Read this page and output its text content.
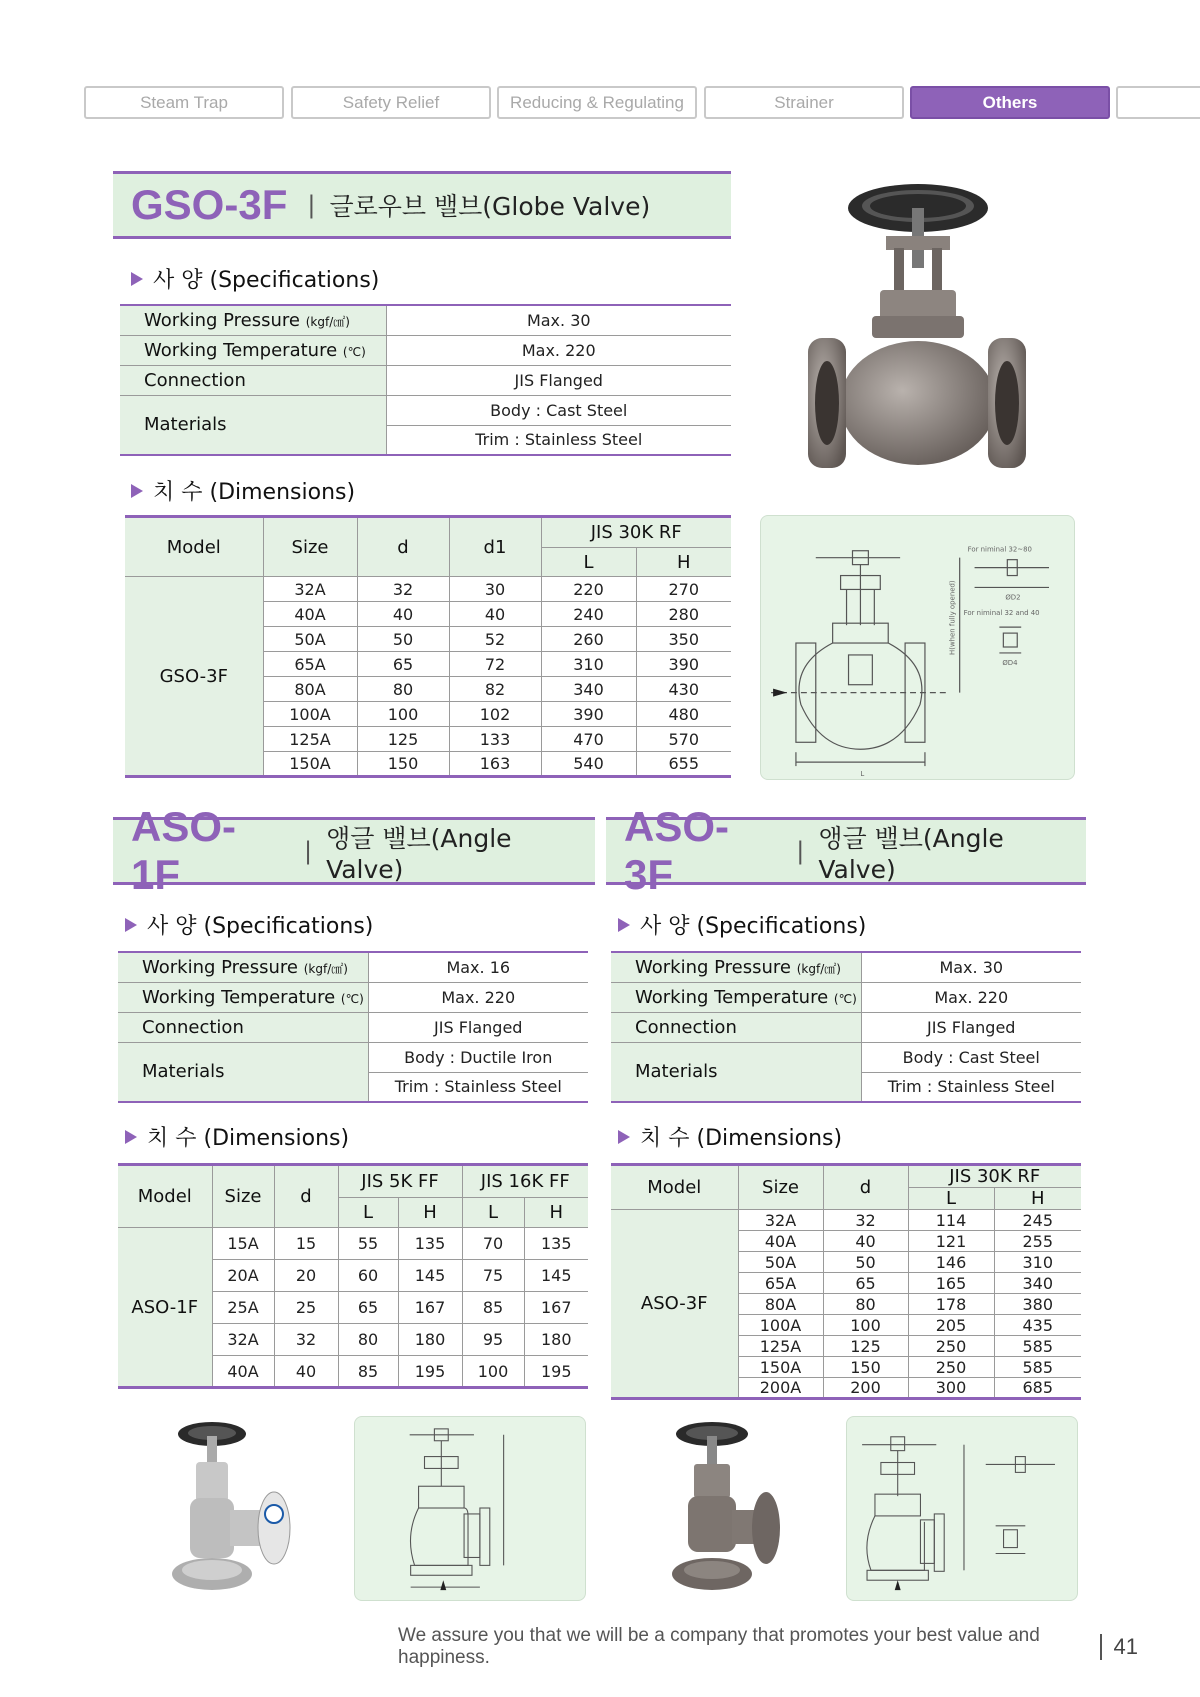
Steam Trap	Safety Relief	Reducing & Regulating	Strainer	Others
GSO-3F | 글로우브 밸브(Globe Valve)
사 양 (Specifications)
Working Pressure (kgf/㎠)	Max. 30
Working Temperature (℃)	Max. 220
Connection	JIS Flanged
Materials	Body : Cast Steel
	Trim : Stainless Steel
치 수 (Dimensions)
Model	Size	d	d1	JIS 30K RF	
				L	H
GSO-3F	32A	32	30	220	270
	40A	40	40	240	280
	50A	50	52	260	350
	65A	65	72	310	390
	80A	80	82	340	430
	100A	100	102	390	480
	125A	125	133	470	570
	150A	150	163	540	655
For niminal 32~80
For niminal 32 and 40
ØD2
ØD4
L
H(when fully opened)
ASO-1F	| 앵글 밸브(Angle Valve)
사 양 (Specifications)
Working Pressure (kgf/㎠)	Max. 16
Working Temperature (℃)	Max. 220
Connection	JIS Flanged
Materials	Body : Ductile Iron
	Trim : Stainless Steel
치 수 (Dimensions)
Model	Size	d	JIS 5K FF		JIS 16K FF	
			L	H	L	H
ASO-1F	15A	15	55	135	70	135
	20A	20	60	145	75	145
	25A	25	65	167	85	167
	32A	32	80	180	95	180
	40A	40	85	195	100	195
ASO-3F	| 앵글 밸브(Angle Valve)
사 양 (Specifications)
Working Pressure (kgf/㎠)	Max. 30
Working Temperature (℃)	Max. 220
Connection	JIS Flanged
Materials	Body : Cast Steel
	Trim : Stainless Steel
치 수 (Dimensions)
Model	Size	d	JIS 30K RF	
			L	H
ASO-3F	32A	32	114	245
	40A	40	121	255
	50A	50	146	310
	65A	65	165	340
	80A	80	178	380
	100A	100	205	435
	125A	125	250	585
	150A	150	250	585
	200A	200	300	685
We assure you that we will be a company that promotes your best value and happiness.	41
